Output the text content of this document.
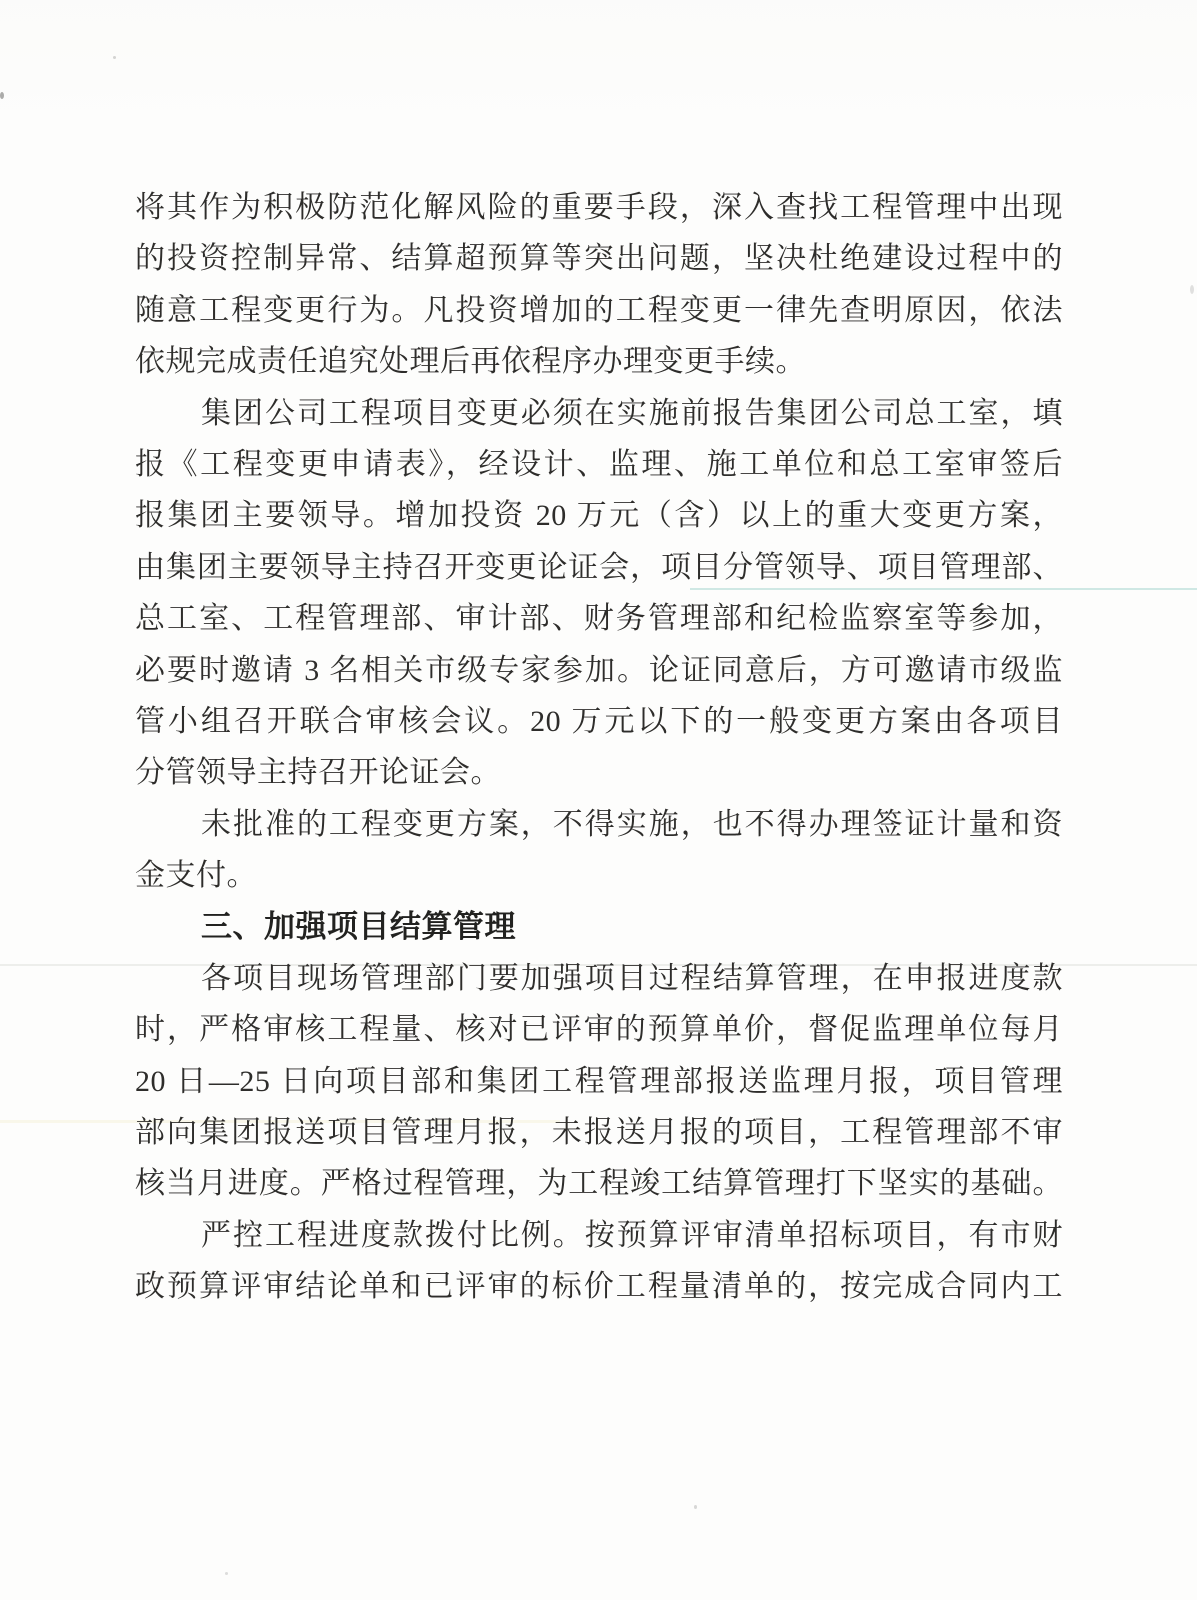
将其作为积极防范化解风险的重要手段，深入查找工程管理中出现
的投资控制异常、结算超预算等突出问题，坚决杜绝建设过程中的
随意工程变更行为。凡投资增加的工程变更一律先查明原因，依法
依规完成责任追究处理后再依程序办理变更手续。
集团公司工程项目变更必须在实施前报告集团公司总工室，填
报《工程变更申请表》，经设计、监理、施工单位和总工室审签后
报集团主要领导。增加投资 20 万元（含）以上的重大变更方案，
由集团主要领导主持召开变更论证会，项目分管领导、项目管理部、
总工室、工程管理部、审计部、财务管理部和纪检监察室等参加，
必要时邀请 3 名相关市级专家参加。论证同意后，方可邀请市级监
管小组召开联合审核会议。20 万元以下的一般变更方案由各项目
分管领导主持召开论证会。
未批准的工程变更方案，不得实施，也不得办理签证计量和资
金支付。
三、加强项目结算管理
各项目现场管理部门要加强项目过程结算管理，在申报进度款
时，严格审核工程量、核对已评审的预算单价，督促监理单位每月
20 日—25 日向项目部和集团工程管理部报送监理月报，项目管理
部向集团报送项目管理月报，未报送月报的项目，工程管理部不审
核当月进度。严格过程管理，为工程竣工结算管理打下坚实的基础。
严控工程进度款拨付比例。按预算评审清单招标项目，有市财
政预算评审结论单和已评审的标价工程量清单的，按完成合同内工
